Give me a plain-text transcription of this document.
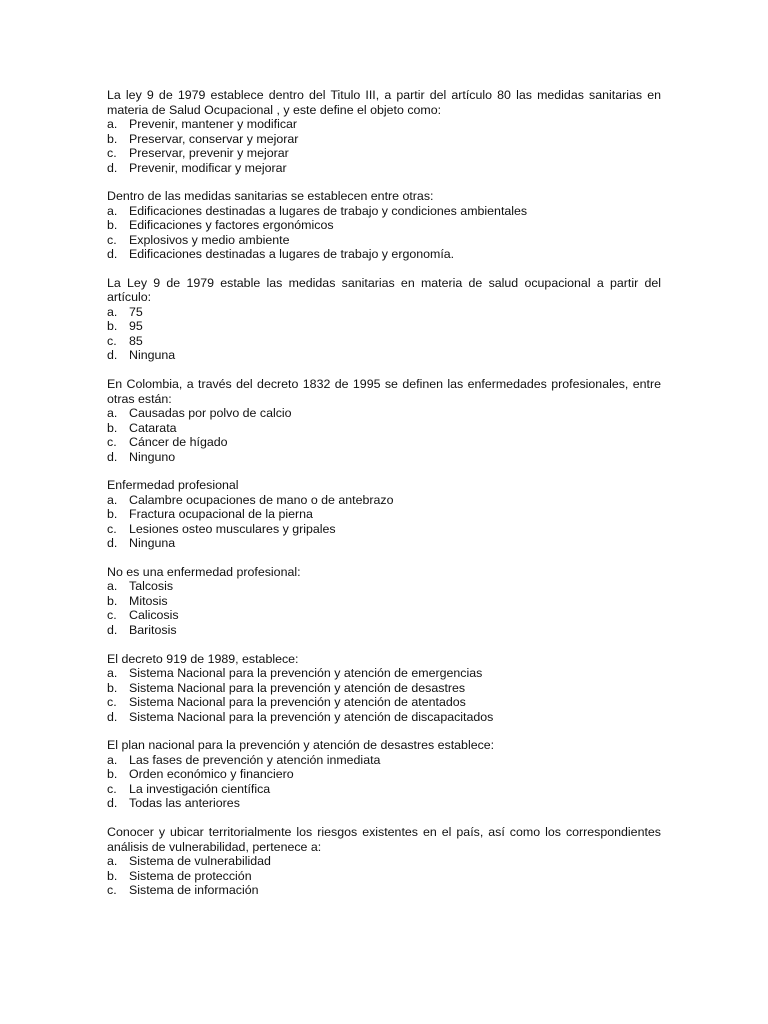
La ley 9 de 1979 establece dentro del Titulo III, a partir del artículo 80 las medidas sanitarias en materia de Salud Ocupacional , y este define el objeto como:
a. Prevenir, mantener y modificar
b. Preservar, conservar y mejorar
c. Preservar, prevenir y mejorar
d. Prevenir, modificar y mejorar
Dentro de las medidas sanitarias se establecen entre otras:
a. Edificaciones destinadas a lugares de trabajo y condiciones ambientales
b. Edificaciones y factores ergonómicos
c. Explosivos y medio ambiente
d. Edificaciones destinadas a lugares de trabajo y ergonomía.
La Ley 9 de 1979 estable las medidas sanitarias en materia de salud ocupacional a partir del artículo:
a. 75
b. 95
c. 85
d. Ninguna
En Colombia, a través del decreto 1832 de 1995 se definen las enfermedades profesionales, entre otras están:
a. Causadas por polvo de calcio
b. Catarata
c. Cáncer de hígado
d. Ninguno
Enfermedad profesional
a. Calambre ocupaciones de mano o de antebrazo
b. Fractura ocupacional de la pierna
c. Lesiones osteo musculares y gripales
d. Ninguna
No es una enfermedad profesional:
a. Talcosis
b. Mitosis
c. Calicosis
d. Baritosis
El decreto 919 de 1989, establece:
a. Sistema Nacional para la prevención y atención de emergencias
b. Sistema Nacional para la prevención y atención de desastres
c. Sistema Nacional para la prevención y atención de atentados
d. Sistema Nacional para la prevención y atención de discapacitados
El plan nacional para la prevención y atención de desastres establece:
a. Las fases de prevención y atención inmediata
b. Orden económico y financiero
c. La investigación científica
d. Todas las anteriores
Conocer y ubicar territorialmente los riesgos existentes en el país, así como los correspondientes análisis de vulnerabilidad, pertenece a:
a. Sistema de vulnerabilidad
b. Sistema de protección
c. Sistema de información
